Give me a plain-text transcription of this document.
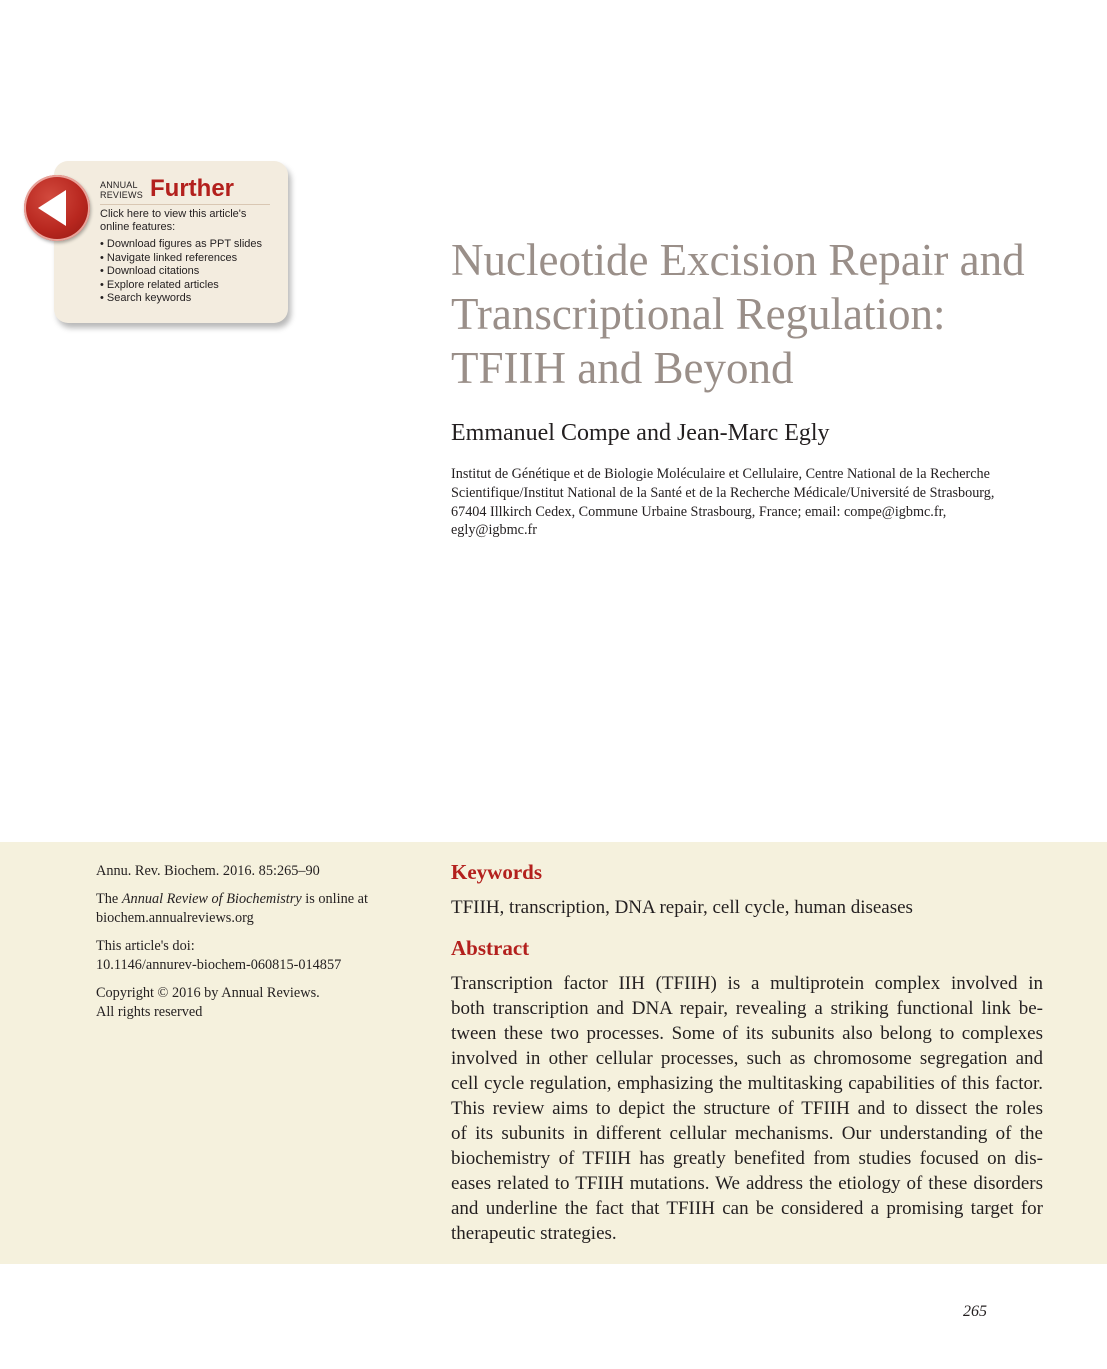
ANNUAL
REVIEWS Further
Click here to view this article's
online features:
• Download figures as PPT slides
• Navigate linked references
• Download citations
• Explore related articles
• Search keywords
Nucleotide Excision Repair and
Transcriptional Regulation:
TFIIH and Beyond
Emmanuel Compe and Jean-Marc Egly
Institut de Génétique et de Biologie Moléculaire et Cellulaire, Centre National de la Recherche
Scientifique/Institut National de la Santé et de la Recherche Médicale/Université de Strasbourg,
67404 Illkirch Cedex, Commune Urbaine Strasbourg, France; email: compe@igbmc.fr,
egly@igbmc.fr

Annu. Rev. Biochem. 2016. 85:265–90

The Annual Review of Biochemistry is online at
biochem.annualreviews.org

This article's doi:
10.1146/annurev-biochem-060815-014857

Copyright © 2016 by Annual Reviews.
All rights reserved

Keywords
TFIIH, transcription, DNA repair, cell cycle, human diseases
Abstract
Transcription factor IIH (TFIIH) is a multiprotein complex involved in
both transcription and DNA repair, revealing a striking functional link be-
tween these two processes. Some of its subunits also belong to complexes
involved in other cellular processes, such as chromosome segregation and
cell cycle regulation, emphasizing the multitasking capabilities of this factor.
This review aims to depict the structure of TFIIH and to dissect the roles
of its subunits in different cellular mechanisms. Our understanding of the
biochemistry of TFIIH has greatly benefited from studies focused on dis-
eases related to TFIIH mutations. We address the etiology of these disorders
and underline the fact that TFIIH can be considered a promising target for
therapeutic strategies.
265
